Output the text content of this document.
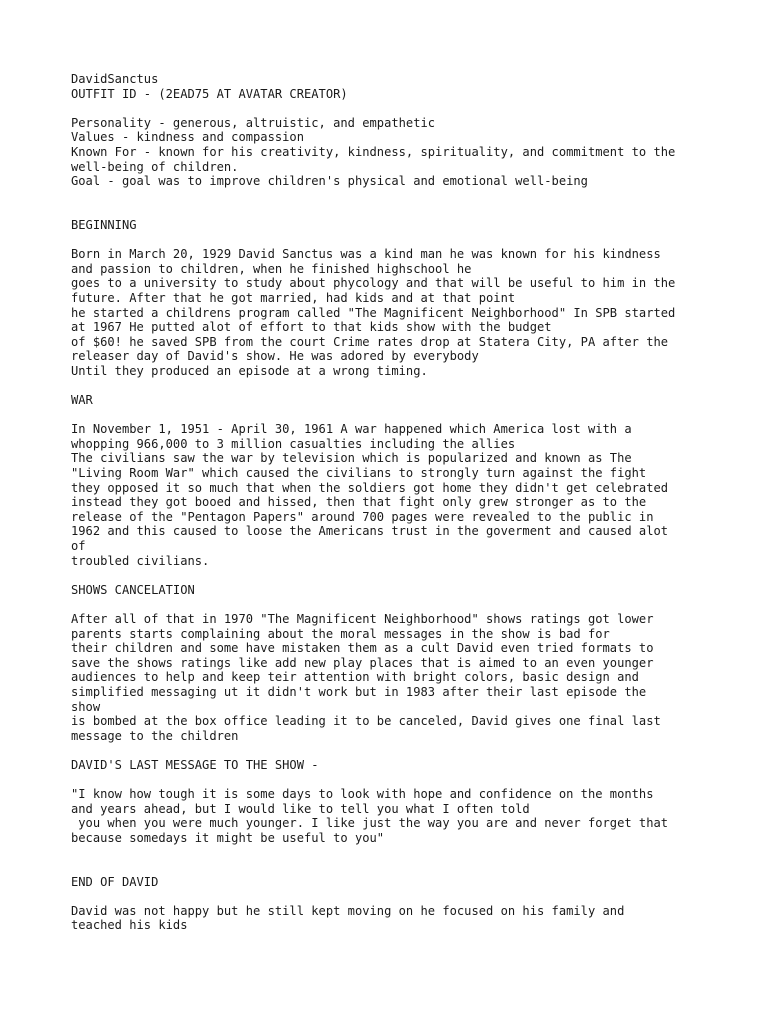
DavidSanctus
OUTFIT ID - (2EAD75 AT AVATAR CREATOR)
Personality - generous, altruistic, and empathetic
Values - kindness and compassion
Known For - known for his creativity, kindness, spirituality, and commitment to the
well-being of children.
Goal - goal was to improve children's physical and emotional well-being
BEGINNING
Born in March 20, 1929 David Sanctus was a kind man he was known for his kindness
and passion to children, when he finished highschool he
goes to a university to study about phycology and that will be useful to him in the
future. After that he got married, had kids and at that point
he started a childrens program called "The Magnificent Neighborhood" In SPB started
at 1967 He putted alot of effort to that kids show with the budget
of $60! he saved SPB from the court Crime rates drop at Statera City, PA after the
releaser day of David's show. He was adored by everybody
Until they produced an episode at a wrong timing.
WAR
In November 1, 1951 - April 30, 1961 A war happened which America lost with a
whopping 966,000 to 3 million casualties including the allies
The civilians saw the war by television which is popularized and known as The
"Living Room War" which caused the civilians to strongly turn against the fight
they opposed it so much that when the soldiers got home they didn't get celebrated
instead they got booed and hissed, then that fight only grew stronger as to the
release of the "Pentagon Papers" around 700 pages were revealed to the public in
1962 and this caused to loose the Americans trust in the goverment and caused alot
of
troubled civilians.
SHOWS CANCELATION
After all of that in 1970 "The Magnificent Neighborhood" shows ratings got lower
parents starts complaining about the moral messages in the show is bad for
their children and some have mistaken them as a cult David even tried formats to
save the shows ratings like add new play places that is aimed to an even younger
audiences to help and keep teir attention with bright colors, basic design and
simplified messaging ut it didn't work but in 1983 after their last episode the
show
is bombed at the box office leading it to be canceled, David gives one final last
message to the children
DAVID'S LAST MESSAGE TO THE SHOW -
"I know how tough it is some days to look with hope and confidence on the months
and years ahead, but I would like to tell you what I often told
you when you were much younger. I like just the way you are and never forget that
because somedays it might be useful to you"
END OF DAVID
David was not happy but he still kept moving on he focused on his family and
teached his kids
